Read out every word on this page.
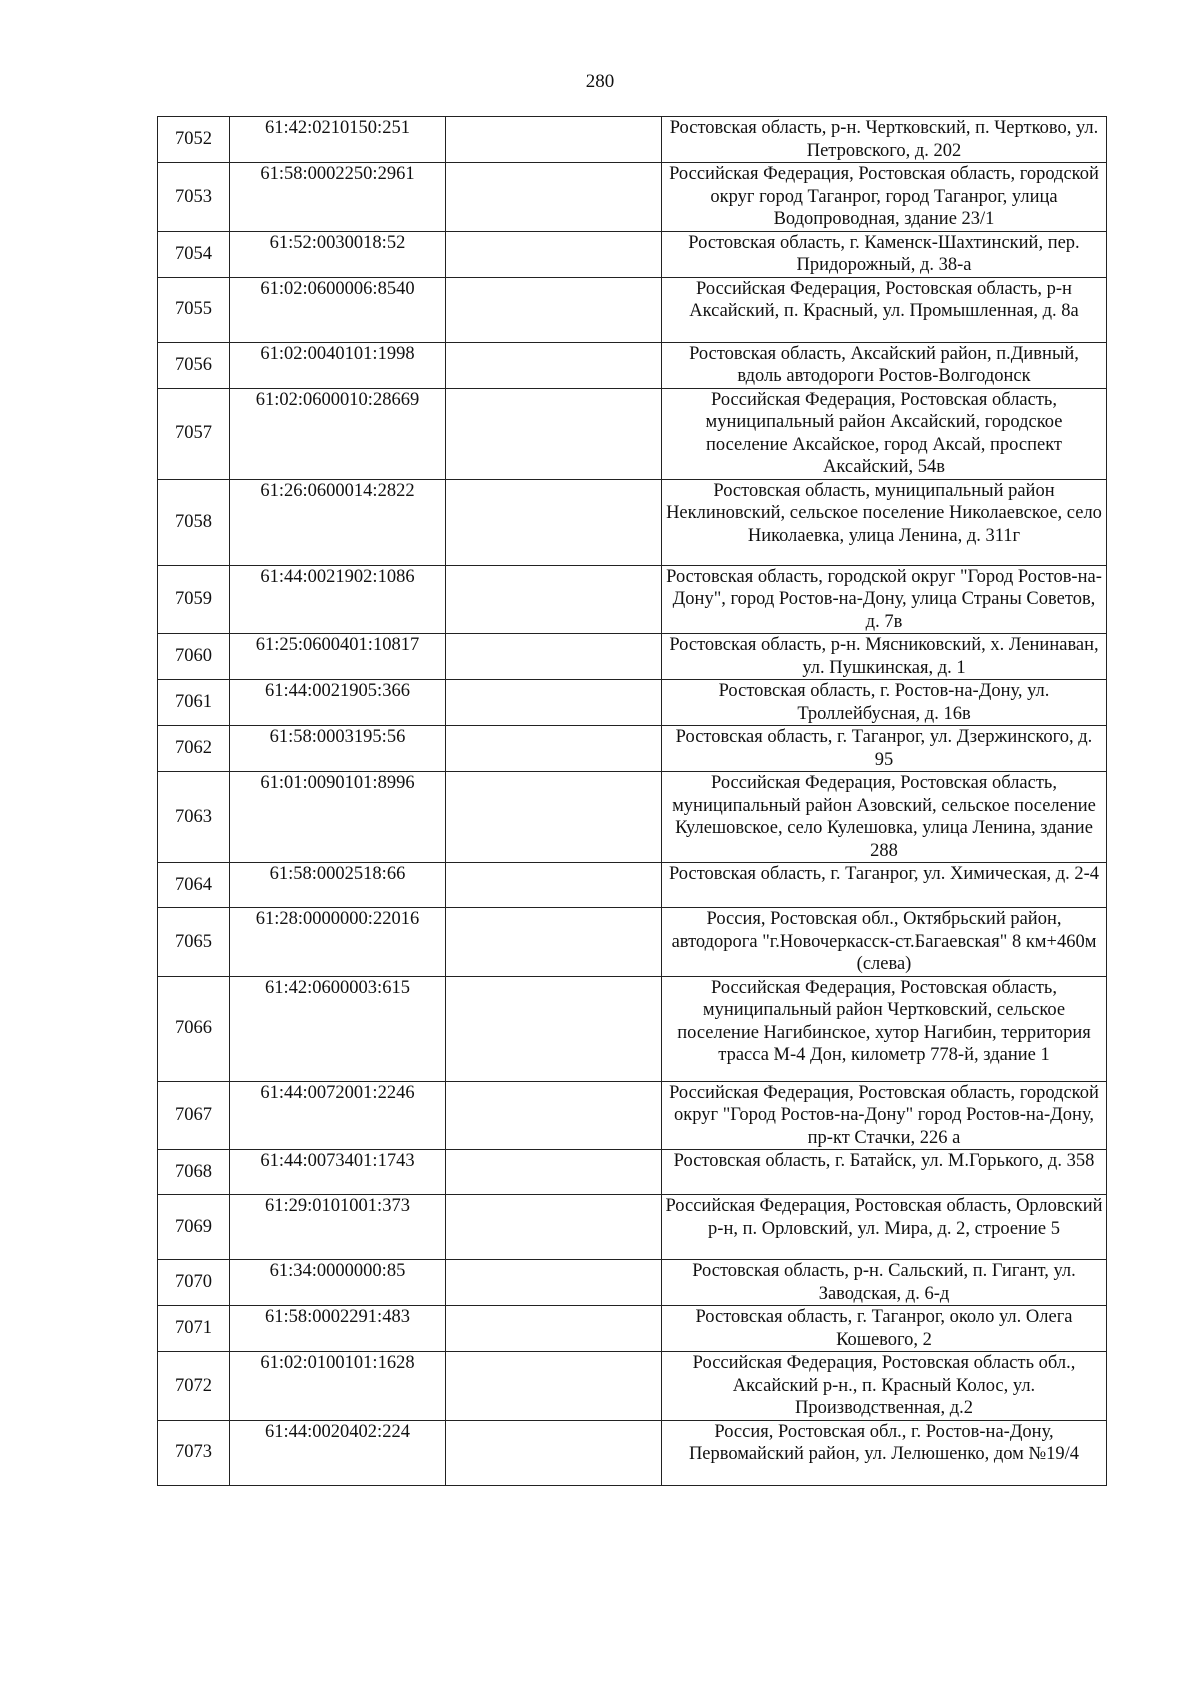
280
7052	61:42:0210150:251		Ростовская область, р-н. Чертковский, п. Чертково, ул. Петровского, д. 202
7053	61:58:0002250:2961		Российская Федерация, Ростовская область, городской округ город Таганрог, город Таганрог, улица Водопроводная, здание 23/1
7054	61:52:0030018:52		Ростовская область, г. Каменск-Шахтинский, пер. Придорожный, д. 38-а
7055	61:02:0600006:8540		Российская Федерация, Ростовская область, р-н Аксайский, п. Красный, ул. Промышленная, д. 8а
7056	61:02:0040101:1998		Ростовская область, Аксайский район, п.Дивный, вдоль автодороги Ростов-Волгодонск
7057	61:02:0600010:28669		Российская Федерация, Ростовская область, муниципальный район Аксайский, городское поселение Аксайское, город Аксай, проспект Аксайский, 54в
7058	61:26:0600014:2822		Ростовская область, муниципальный район Неклиновский, сельское поселение Николаевское, село Николаевка, улица Ленина, д. 311г
7059	61:44:0021902:1086		Ростовская область, городской округ "Город Ростов-на-Дону", город Ростов-на-Дону, улица Страны Советов, д. 7в
7060	61:25:0600401:10817		Ростовская область, р-н. Мясниковский, х. Ленинаван, ул. Пушкинская, д. 1
7061	61:44:0021905:366		Ростовская область, г. Ростов-на-Дону, ул. Троллейбусная, д. 16в
7062	61:58:0003195:56		Ростовская область, г. Таганрог, ул. Дзержинского, д. 95
7063	61:01:0090101:8996		Российская Федерация, Ростовская область, муниципальный район Азовский, сельское поселение Кулешовское, село Кулешовка, улица Ленина, здание 288
7064	61:58:0002518:66		Ростовская область, г. Таганрог, ул. Химическая, д. 2-4
7065	61:28:0000000:22016		Россия, Ростовская обл., Октябрьский район, автодорога "г.Новочеркасск-ст.Багаевская" 8 км+460м (слева)
7066	61:42:0600003:615		Российская Федерация, Ростовская область, муниципальный район Чертковский, сельское поселение Нагибинское, хутор Нагибин, территория трасса М-4 Дон, километр 778-й, здание 1
7067	61:44:0072001:2246		Российская Федерация, Ростовская область, городской округ "Город Ростов-на-Дону" город Ростов-на-Дону, пр-кт Стачки, 226 а
7068	61:44:0073401:1743		Ростовская область, г. Батайск, ул. М.Горького, д. 358
7069	61:29:0101001:373		Российская Федерация, Ростовская область, Орловский р-н, п. Орловский, ул. Мира, д. 2, строение 5
7070	61:34:0000000:85		Ростовская область, р-н. Сальский, п. Гигант, ул. Заводская, д. 6-д
7071	61:58:0002291:483		Ростовская область, г. Таганрог, около ул. Олега Кошевого, 2
7072	61:02:0100101:1628		Российская Федерация, Ростовская область обл., Аксайский р-н., п. Красный Колос, ул. Производственная, д.2
7073	61:44:0020402:224		Россия, Ростовская обл., г. Ростов-на-Дону, Первомайский район, ул. Лелюшенко, дом №19/4
